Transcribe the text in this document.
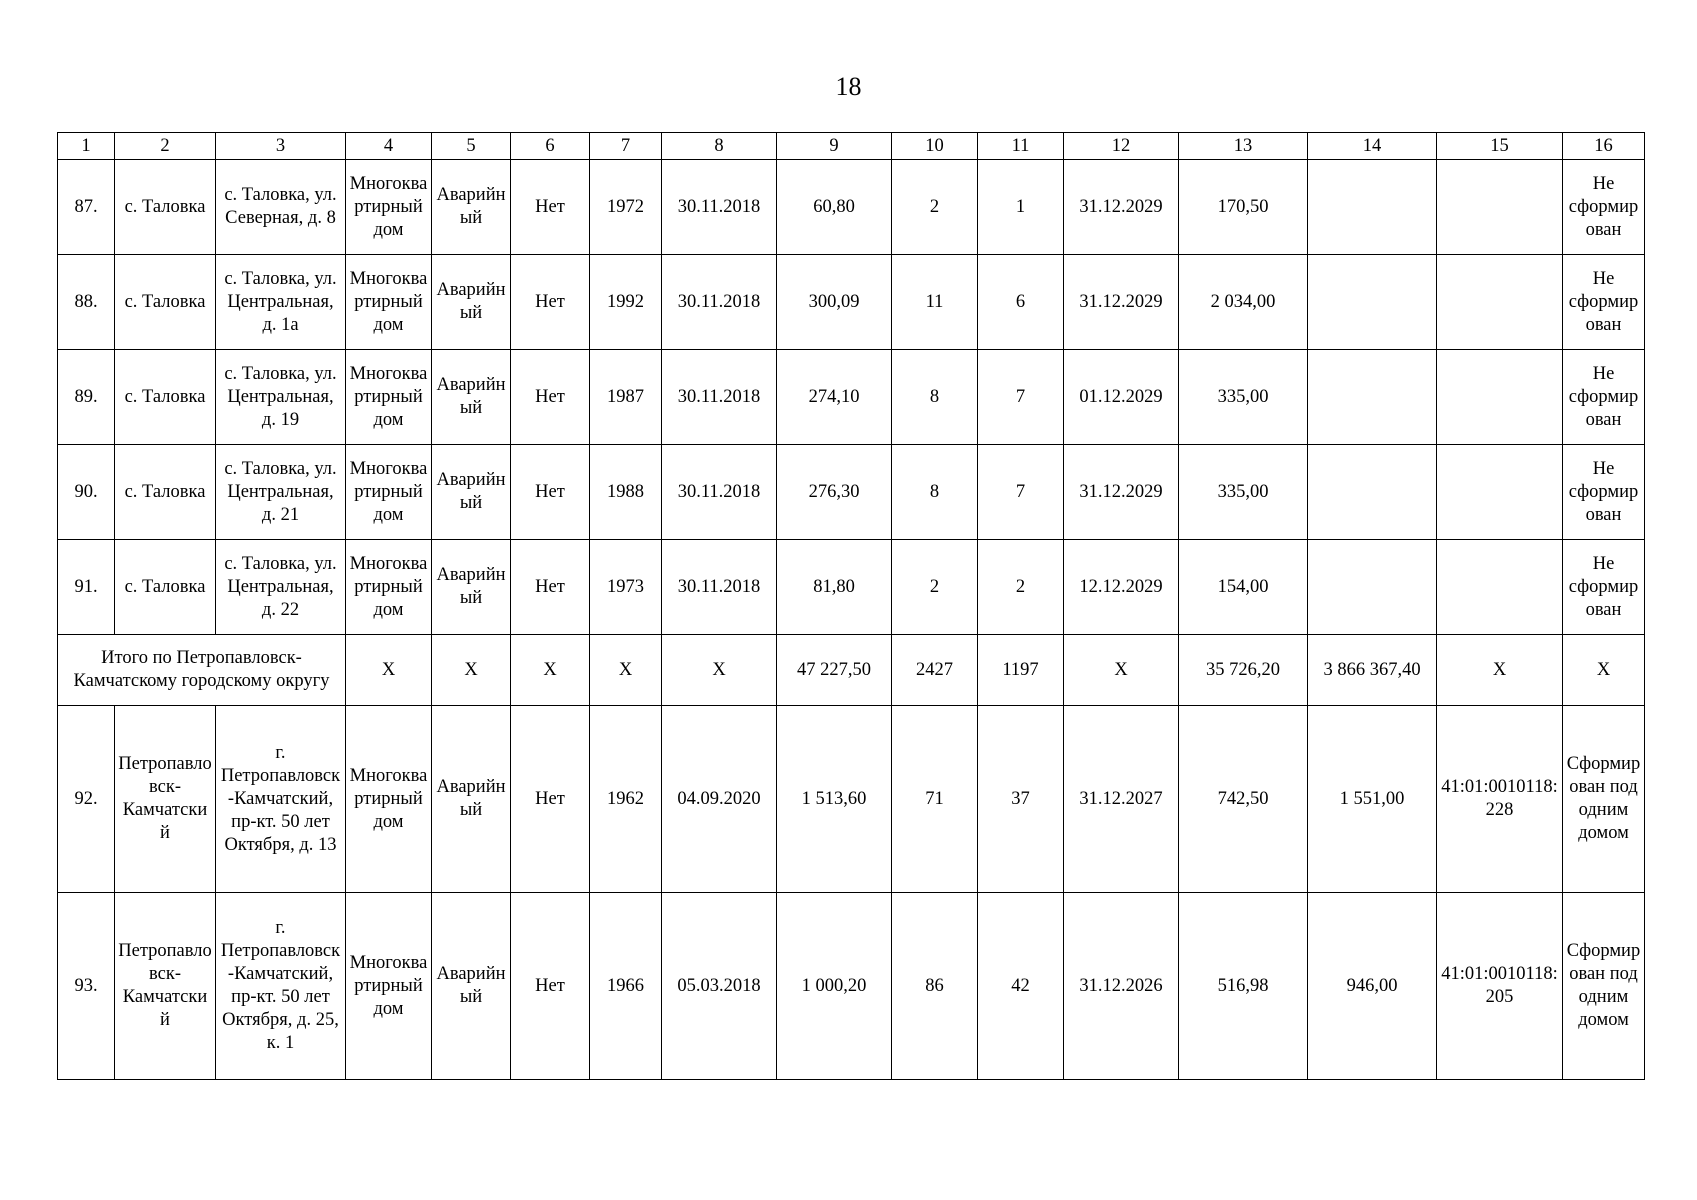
18
1	2	3	4	5	6	7	8	9	10	11	12	13	14	15	16
87.	с. Таловка	с. Таловка, ул. Северная, д. 8	Многоквартирный дом	Аварийный	Нет	1972	30.11.2018	60,80	2	1	31.12.2029	170,50			Не сформирован
88.	с. Таловка	с. Таловка, ул. Центральная, д. 1а	Многоквартирный дом	Аварийный	Нет	1992	30.11.2018	300,09	11	6	31.12.2029	2 034,00			Не сформирован
89.	с. Таловка	с. Таловка, ул. Центральная, д. 19	Многоквартирный дом	Аварийный	Нет	1987	30.11.2018	274,10	8	7	01.12.2029	335,00			Не сформирован
90.	с. Таловка	с. Таловка, ул. Центральная, д. 21	Многоквартирный дом	Аварийный	Нет	1988	30.11.2018	276,30	8	7	31.12.2029	335,00			Не сформирован
91.	с. Таловка	с. Таловка, ул. Центральная, д. 22	Многоквартирный дом	Аварийный	Нет	1973	30.11.2018	81,80	2	2	12.12.2029	154,00			Не сформирован
Итого по Петропавловск-Камчатскому городскому округу			X	X	X	X	X	47 227,50	2427	1197	X	35 726,20	3 866 367,40	X	X
92.	Петропавловск-Камчатский	г. Петропавловск-Камчатский, пр-кт. 50 лет Октября, д. 13	Многоквартирный дом	Аварийный	Нет	1962	04.09.2020	1 513,60	71	37	31.12.2027	742,50	1 551,00	41:01:0010118:228	Сформирован под одним домом
93.	Петропавловск-Камчатский	г. Петропавловск-Камчатский, пр-кт. 50 лет Октября, д. 25, к. 1	Многоквартирный дом	Аварийный	Нет	1966	05.03.2018	1 000,20	86	42	31.12.2026	516,98	946,00	41:01:0010118:205	Сформирован под одним домом
